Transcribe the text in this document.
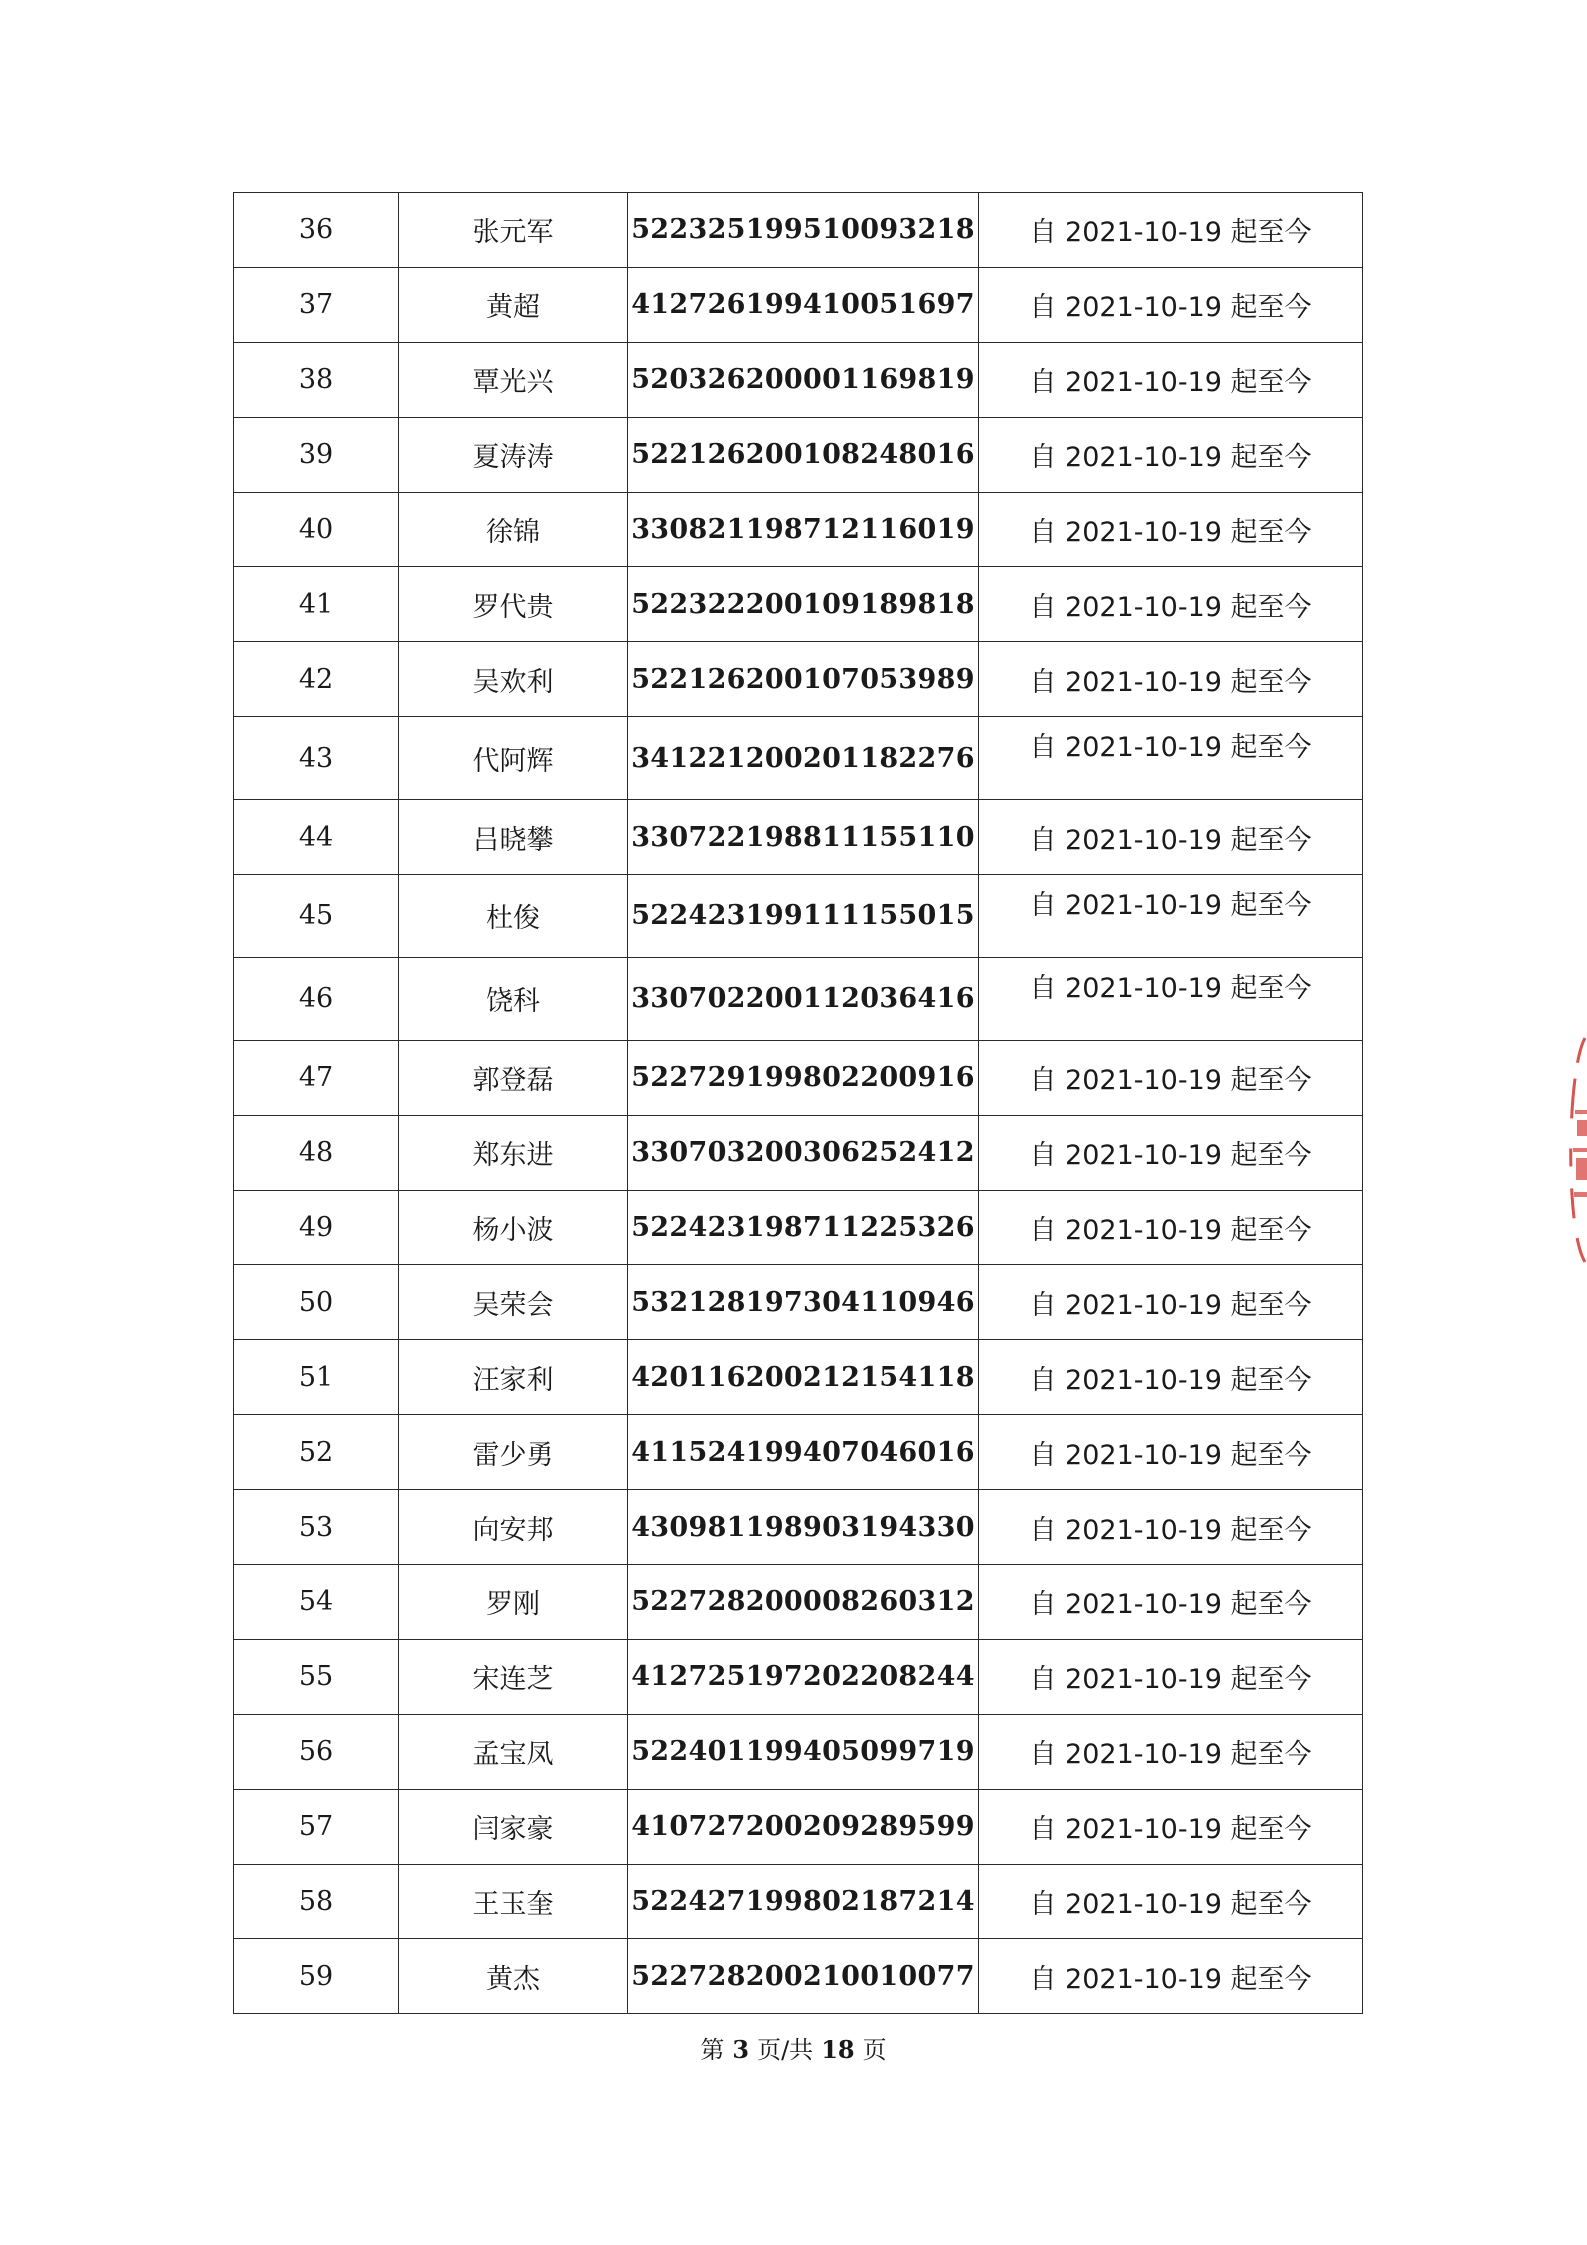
36	张元军	522325199510093218	自 2021-10-19 起至今
37	黄超	412726199410051697	自 2021-10-19 起至今
38	覃光兴	520326200001169819	自 2021-10-19 起至今
39	夏涛涛	522126200108248016	自 2021-10-19 起至今
40	徐锦	330821198712116019	自 2021-10-19 起至今
41	罗代贵	522322200109189818	自 2021-10-19 起至今
42	吴欢利	522126200107053989	自 2021-10-19 起至今
43	代阿辉	341221200201182276	自 2021-10-19 起至今
44	吕晓攀	330722198811155110	自 2021-10-19 起至今
45	杜俊	522423199111155015	自 2021-10-19 起至今
46	饶科	330702200112036416	自 2021-10-19 起至今
47	郭登磊	522729199802200916	自 2021-10-19 起至今
48	郑东进	330703200306252412	自 2021-10-19 起至今
49	杨小波	522423198711225326	自 2021-10-19 起至今
50	吴荣会	532128197304110946	自 2021-10-19 起至今
51	汪家利	420116200212154118	自 2021-10-19 起至今
52	雷少勇	411524199407046016	自 2021-10-19 起至今
53	向安邦	430981198903194330	自 2021-10-19 起至今
54	罗刚	522728200008260312	自 2021-10-19 起至今
55	宋连芝	412725197202208244	自 2021-10-19 起至今
56	孟宝凤	522401199405099719	自 2021-10-19 起至今
57	闫家豪	410727200209289599	自 2021-10-19 起至今
58	王玉奎	522427199802187214	自 2021-10-19 起至今
59	黄杰	522728200210010077	自 2021-10-19 起至今
第 3 页/共 18 页
